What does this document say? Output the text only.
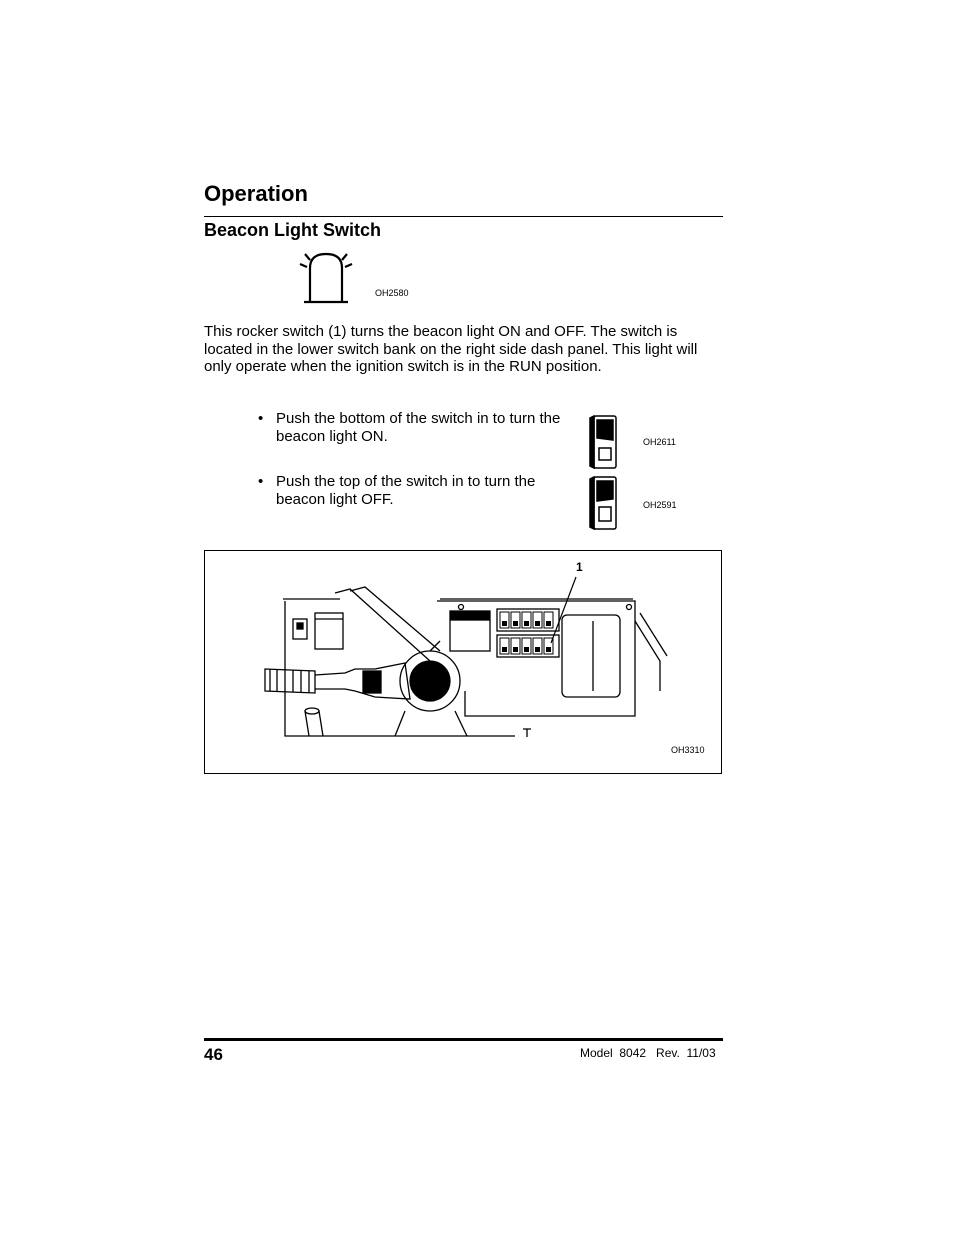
Operation
Beacon Light Switch
OH2580
This rocker switch (1) turns the beacon light ON and OFF. The switch is located in the lower switch bank on the right side dash panel. This light will only operate when the ignition switch is in the RUN position.
• Push the bottom of the switch in to turn the beacon light ON.	OH2611
• Push the top of the switch in to turn the beacon light OFF.	OH2591
1
OH3310
46	Model  8042   Rev.  11/03
